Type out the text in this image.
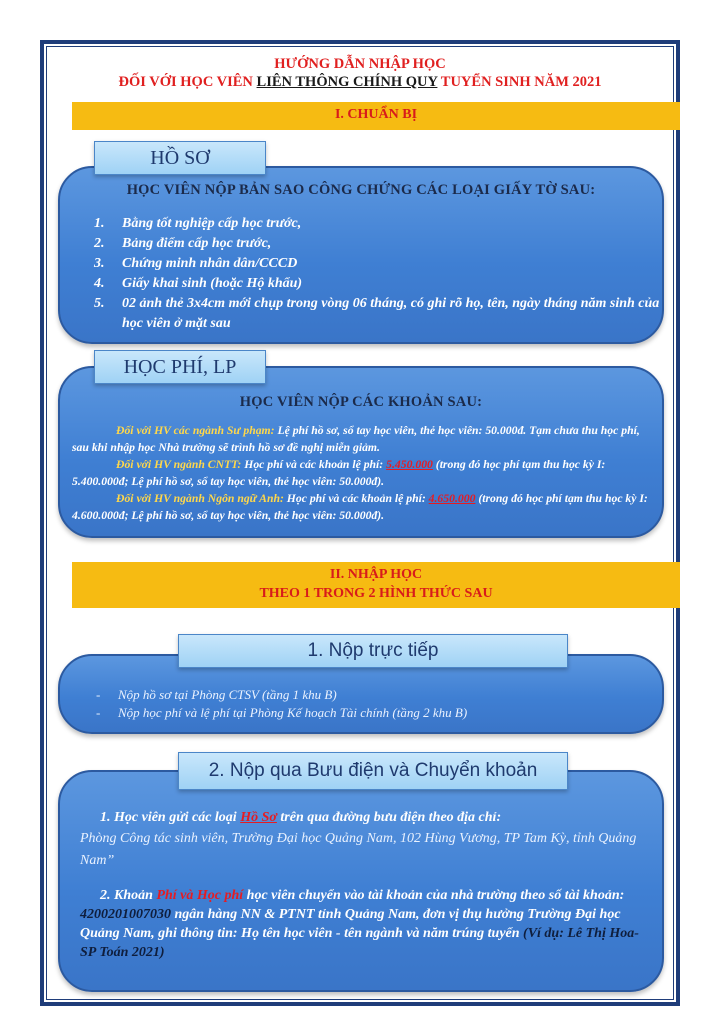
HƯỚNG DẪN NHẬP HỌC
ĐỐI VỚI HỌC VIÊN LIÊN THÔNG CHÍNH QUY TUYỂN SINH NĂM 2021
I. CHUẨN BỊ
HỌC VIÊN NỘP BẢN SAO CÔNG CHỨNG CÁC LOẠI GIẤY TỜ SAU:
1. Bằng tốt nghiệp cấp học trước,
2. Bảng điểm cấp học trước,
3. Chứng minh nhân dân/CCCD
4. Giấy khai sinh (hoặc Hộ khẩu)
5. 02 ảnh thẻ 3x4cm mới chụp trong vòng 06 tháng, có ghi rõ họ, tên, ngày tháng năm sinh của học viên ở mặt sau
HỒ SƠ
HỌC VIÊN NỘP CÁC KHOẢN SAU:
Đối với HV các ngành Sư phạm: Lệ phí hồ sơ, sổ tay học viên, thẻ học viên: 50.000đ. Tạm chưa thu học phí, sau khi nhập học Nhà trường sẽ trình hồ sơ đề nghị miễn giảm.
Đối với HV ngành CNTT: Học phí và các khoản lệ phí: 5.450.000 (trong đó học phí tạm thu học kỳ I: 5.400.000đ; Lệ phí hồ sơ, sổ tay học viên, thẻ học viên: 50.000đ).
Đối với HV ngành Ngôn ngữ Anh: Học phí và các khoản lệ phí: 4.650.000 (trong đó học phí tạm thu học kỳ I: 4.600.000đ; Lệ phí hồ sơ, sổ tay học viên, thẻ học viên: 50.000đ).
HỌC PHÍ, LP
II. NHẬP HỌC
THEO 1 TRONG 2 HÌNH THỨC SAU
- Nộp hồ sơ tại Phòng CTSV (tầng 1 khu B)
- Nộp học phí và lệ phí tại Phòng Kế hoạch Tài chính (tầng 2 khu B)
1. Nộp trực tiếp
1. Học viên gửi các loại Hồ Sơ trên qua đường bưu điện theo địa chỉ:
Phòng Công tác sinh viên, Trường Đại học Quảng Nam, 102 Hùng Vương, TP Tam Kỳ, tỉnh Quảng Nam”
2. Khoản Phí và Học phí học viên chuyển vào tài khoản của nhà trường theo số tài khoản: 4200201007030 ngân hàng NN & PTNT tỉnh Quảng Nam, đơn vị thụ hưởng Trường Đại học Quảng Nam, ghi thông tin: Họ tên học viên - tên ngành và năm trúng tuyển (Ví dụ: Lê Thị Hoa- SP Toán 2021)
2. Nộp qua Bưu điện và Chuyển khoản
